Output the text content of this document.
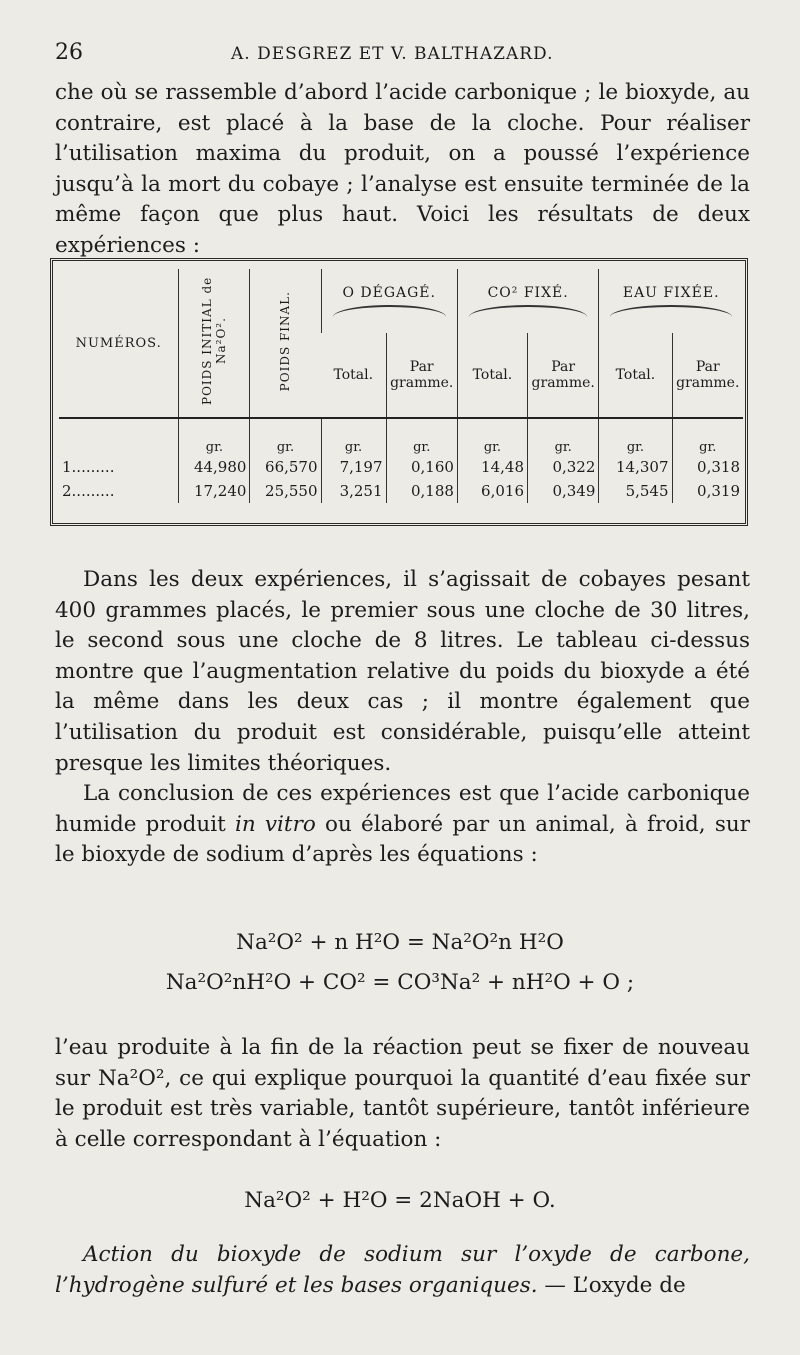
26	A. DESGREZ ET V. BALTHAZARD.

che où se rassemble d’abord l’acide carbonique ; le bioxyde, au contraire, est placé à la base de la cloche. Pour réaliser l’utilisation maxima du produit, on a poussé l’expérience jusqu’à la mort du cobaye ; l’analyse est ensuite terminée de la même façon que plus haut. Voici les résultats de deux expériences :

NUMÉROS.	POIDS INITIAL de Na²O².	POIDS FINAL.	O DÉGAGÉ.		CO² FIXÉ.		EAU FIXÉE.	

			Total.	Par gramme.	Total.	Par gramme.	Total.	Par gramme.

	gr.	gr.	gr.	gr.	gr.	gr.	gr.	gr.
1.........	44,980	66,570	7,197	0,160	14,48	0,322	14,307	0,318
2.........	17,240	25,550	3,251	0,188	6,016	0,349	5,545	0,319

Dans les deux expériences, il s’agissait de cobayes pesant 400 grammes placés, le premier sous une cloche de 30 litres, le second sous une cloche de 8 litres. Le tableau ci-dessus montre que l’augmentation relative du poids du bioxyde a été la même dans les deux cas ; il montre également que l’utilisation du produit est considérable, puisqu’elle atteint presque les limites théoriques.

La conclusion de ces expériences est que l’acide carbonique humide produit in vitro ou élaboré par un animal, à froid, sur le bioxyde de sodium d’après les équations :

Na²O² + n H²O = Na²O²n H²O
Na²O²nH²O + CO² = CO³Na² + nH²O + O ;

l’eau produite à la fin de la réaction peut se fixer de nouveau sur Na²O², ce qui explique pourquoi la quantité d’eau fixée sur le produit est très variable, tantôt supérieure, tantôt inférieure à celle correspondant à l’équation :

Na²O² + H²O = 2NaOH + O.

Action du bioxyde de sodium sur l’oxyde de carbone, l’hydrogène sulfuré et les bases organiques. — L’oxyde de
